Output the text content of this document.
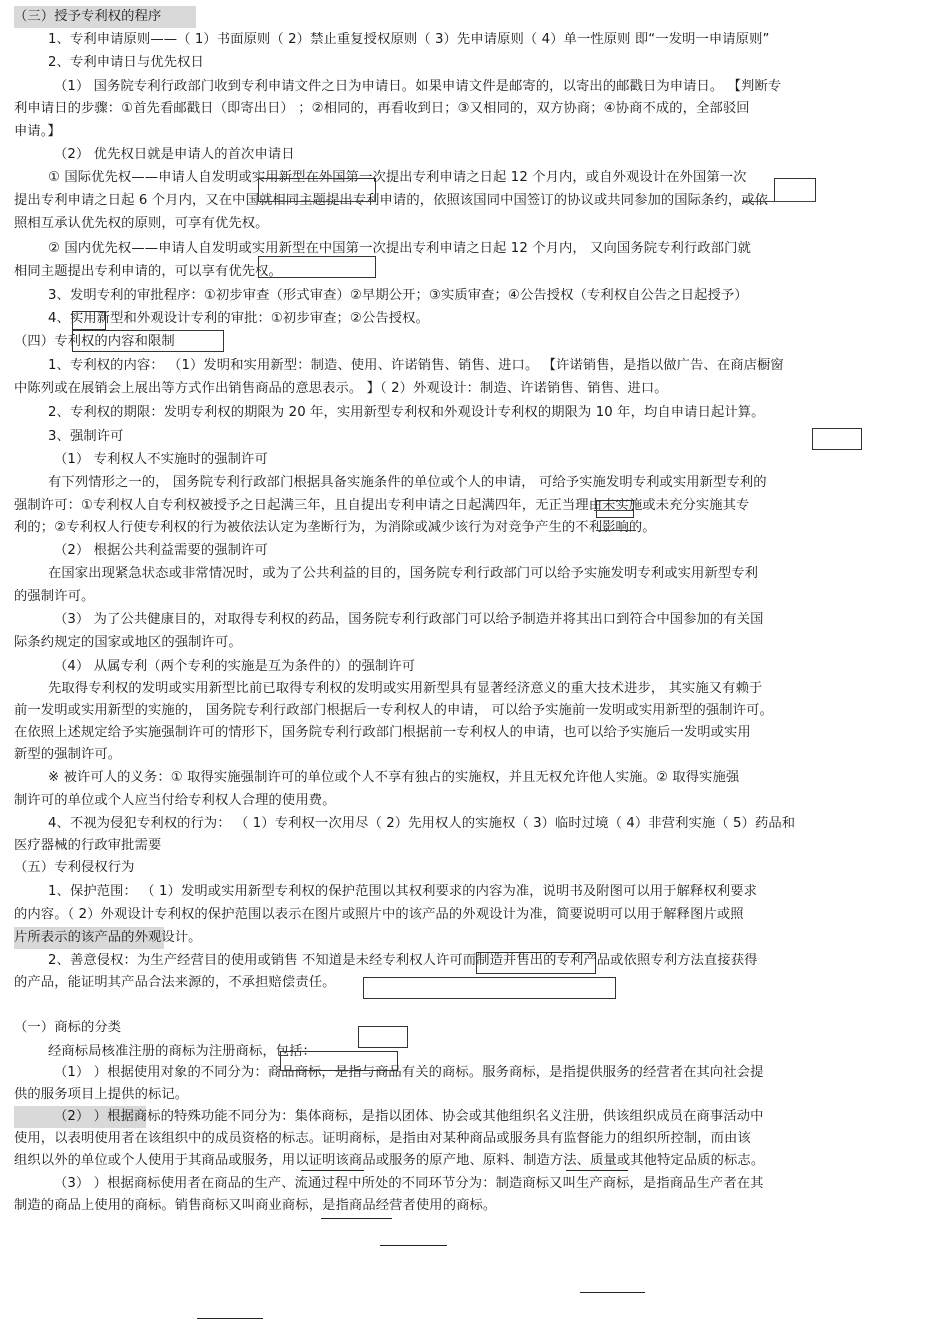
（三）授予专利权的程序
1、专利申请原则——（ 1）书面原则（ 2）禁止重复授权原则（ 3）先申请原则（ 4）单一性原则 即“一发明一申请原则”
2、专利申请日与优先权日
（1） 国务院专利行政部门收到专利申请文件之日为申请日。如果申请文件是邮寄的，以寄出的邮戳日为申请日。 【判断专
利申请日的步骤：①首先看邮戳日（即寄出日） ；②相同的，再看收到日；③又相同的，双方协商；④协商不成的，全部驳回
申请。】
（2） 优先权日就是申请人的首次申请日
① 国际优先权——申请人自发明或实用新型在外国第一次提出专利申请之日起 12 个月内，或自外观设计在外国第一次
提出专利申请之日起 6 个月内，又在中国就相同主题提出专利申请的，依照该国同中国签订的协议或共同参加的国际条约，或依
照相互承认优先权的原则，可享有优先权。
② 国内优先权——申请人自发明或实用新型在中国第一次提出专利申请之日起 12 个月内， 又向国务院专利行政部门就
相同主题提出专利申请的，可以享有优先权。
3、发明专利的审批程序：①初步审查（形式审查）②早期公开；③实质审查；④公告授权（专利权自公告之日起授予）
4、实用新型和外观设计专利的审批：①初步审查；②公告授权。
（四）专利权的内容和限制
1、专利权的内容： （1）发明和实用新型：制造、使用、许诺销售、销售、进口。 【许诺销售，是指以做广告、在商店橱窗
中陈列或在展销会上展出等方式作出销售商品的意思表示。 】（ 2）外观设计：制造、许诺销售、销售、进口。
2、专利权的期限：发明专利权的期限为 20 年，实用新型专利权和外观设计专利权的期限为 10 年，均自申请日起计算。
3、强制许可
（1） 专利权人不实施时的强制许可
有下列情形之一的， 国务院专利行政部门根据具备实施条件的单位或个人的申请， 可给予实施发明专利或实用新型专利的
强制许可：①专利权人自专利权被授予之日起满三年，且自提出专利申请之日起满四年，无正当理由未实施或未充分实施其专
利的；②专利权人行使专利权的行为被依法认定为垄断行为，为消除或减少该行为对竞争产生的不利影响的。
（2） 根据公共利益需要的强制许可
在国家出现紧急状态或非常情况时，或为了公共利益的目的，国务院专利行政部门可以给予实施发明专利或实用新型专利
的强制许可。
（3） 为了公共健康目的，对取得专利权的药品，国务院专利行政部门可以给予制造并将其出口到符合中国参加的有关国
际条约规定的国家或地区的强制许可。
（4） 从属专利（两个专利的实施是互为条件的）的强制许可
先取得专利权的发明或实用新型比前已取得专利权的发明或实用新型具有显著经济意义的重大技术进步， 其实施又有赖于
前一发明或实用新型的实施的， 国务院专利行政部门根据后一专利权人的申请， 可以给予实施前一发明或实用新型的强制许可。
在依照上述规定给予实施强制许可的情形下，国务院专利行政部门根据前一专利权人的申请，也可以给予实施后一发明或实用
新型的强制许可。
※ 被许可人的义务：① 取得实施强制许可的单位或个人不享有独占的实施权，并且无权允许他人实施。② 取得实施强
制许可的单位或个人应当付给专利权人合理的使用费。
4、不视为侵犯专利权的行为： （ 1）专利权一次用尽（ 2）先用权人的实施权（ 3）临时过境（ 4）非营利实施（ 5）药品和
医疗器械的行政审批需要
（五）专利侵权行为
1、保护范围： （ 1）发明或实用新型专利权的保护范围以其权利要求的内容为准，说明书及附图可以用于解释权利要求
的内容。（ 2）外观设计专利权的保护范围以表示在图片或照片中的该产品的外观设计为准，简要说明可以用于解释图片或照
片所表示的该产品的外观设计。
2、善意侵权：为生产经营目的使用或销售 不知道是未经专利权人许可而制造并售出的专利产品或依照专利方法直接获得
的产品，能证明其产品合法来源的，不承担赔偿责任。
（一）商标的分类
经商标局核准注册的商标为注册商标，包括：
（1） ）根据使用对象的不同分为：商品商标，是指与商品有关的商标。服务商标，是指提供服务的经营者在其向社会提
供的服务项目上提供的标记。
（2） ）根据商标的特殊功能不同分为：集体商标，是指以团体、协会或其他组织名义注册，供该组织成员在商事活动中
使用，以表明使用者在该组织中的成员资格的标志。证明商标，是指由对某种商品或服务具有监督能力的组织所控制，而由该
组织以外的单位或个人使用于其商品或服务，用以证明该商品或服务的原产地、原料、制造方法、质量或其他特定品质的标志。
（3） ）根据商标使用者在商品的生产、流通过程中所处的不同环节分为：制造商标又叫生产商标，是指商品生产者在其
制造的商品上使用的商标。销售商标又叫商业商标，是指商品经营者使用的商标。
